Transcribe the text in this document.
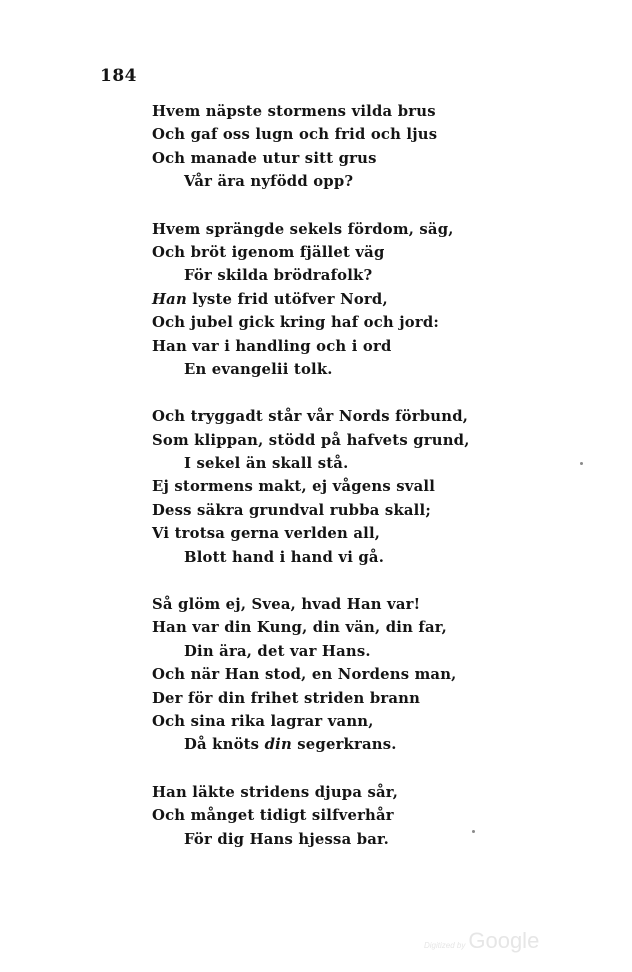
184
Hvem näpste stormens vilda brus
Och gaf oss lugn och frid och ljus
Och manade utur sitt grus
Vår ära nyfödd opp?
Hvem sprängde sekels fördom, säg,
Och bröt igenom fjället väg
För skilda brödrafolk?
Han lyste frid utöfver Nord,
Och jubel gick kring haf och jord:
Han var i handling och i ord
En evangelii tolk.
Och tryggadt står vår Nords förbund,
Som klippan, stödd på hafvets grund,
I sekel än skall stå.
Ej stormens makt, ej vågens svall
Dess säkra grundval rubba skall;
Vi trotsa gerna verlden all,
Blott hand i hand vi gå.
Så glöm ej, Svea, hvad Han var!
Han var din Kung, din vän, din far,
Din ära, det var Hans.
Och när Han stod, en Nordens man,
Der för din frihet striden brann
Och sina rika lagrar vann,
Då knöts din segerkrans.
Han läkte stridens djupa sår,
Och månget tidigt silfverhår
För dig Hans hjessa bar.
Digitized by Google
